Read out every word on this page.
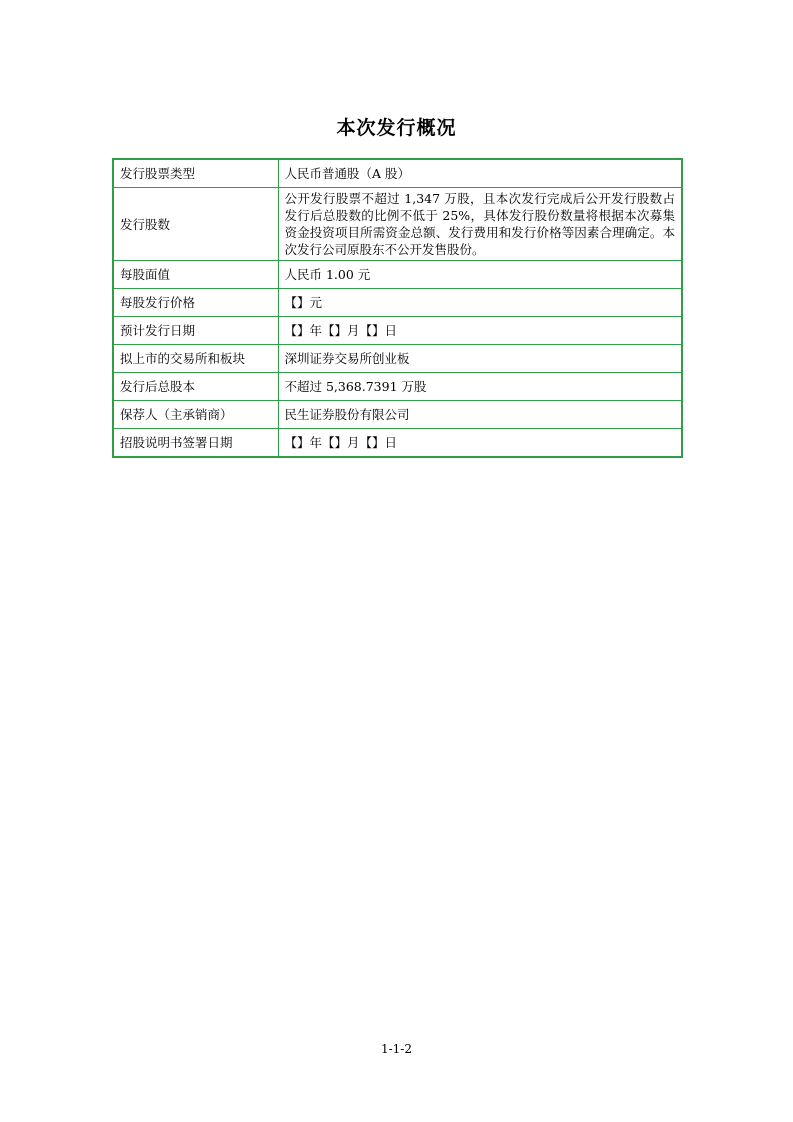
本次发行概况
发行股票类型	人民币普通股（A 股）
发行股数	公开发行股票不超过 1,347 万股，且本次发行完成后公开发行股数占发行后总股数的比例不低于 25%，具体发行股份数量将根据本次募集资金投资项目所需资金总额、发行费用和发行价格等因素合理确定。本次发行公司原股东不公开发售股份。
每股面值	人民币 1.00 元
每股发行价格	【】元
预计发行日期	【】年【】月【】日
拟上市的交易所和板块	深圳证券交易所创业板
发行后总股本	不超过 5,368.7391 万股
保荐人（主承销商）	民生证券股份有限公司
招股说明书签署日期	【】年【】月【】日
1-1-2
